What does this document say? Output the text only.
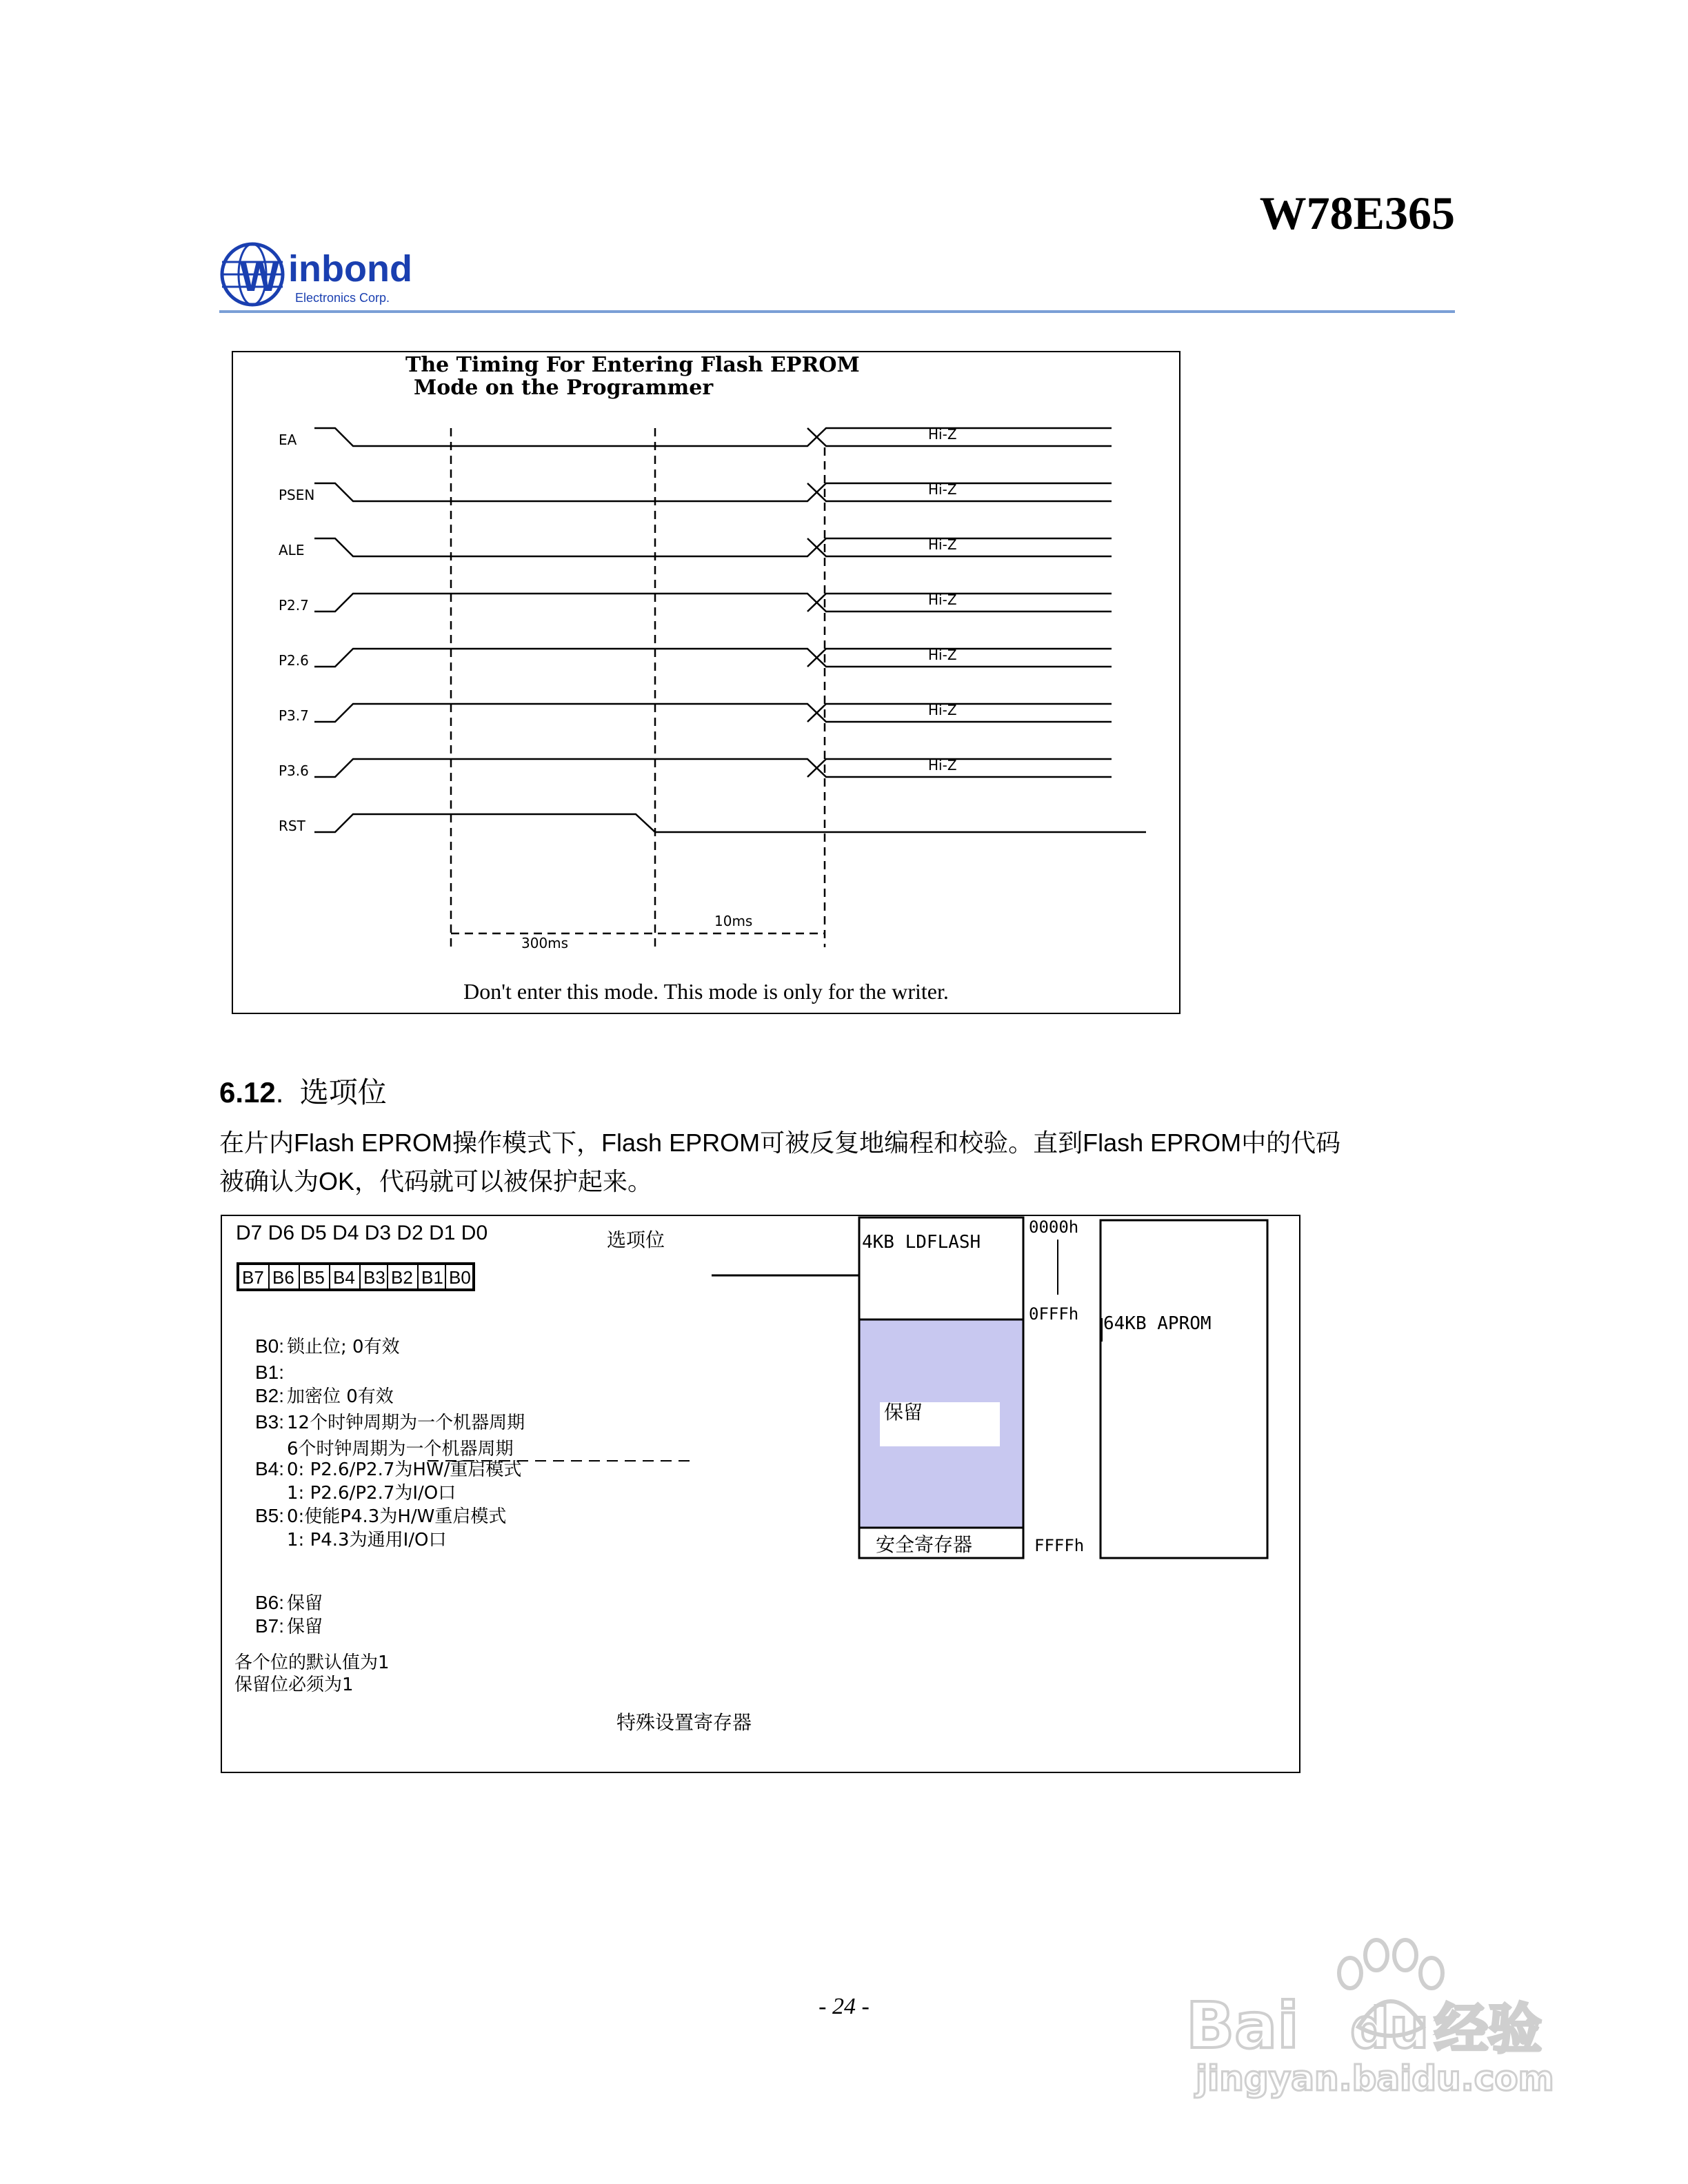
W78E365
W inbond
Electronics Corp.
The Timing For Entering Flash EPROM
Mode on the Programmer
EA	Hi-Z
PSEN	Hi-Z
ALE	Hi-Z
P2.7	Hi-Z
P2.6	Hi-Z
P3.7	Hi-Z
P3.6	Hi-Z
RST
300ms
10ms
Don't enter this mode. This mode is only for the writer.
6.12.  选项位
在片内Flash EPROM操作模式下，Flash EPROM可被反复地编程和校验。直到Flash EPROM中的代码
被确认为OK，代码就可以被保护起来。
D7 D6 D5 D4 D3 D2 D1 D0	选项位
B7 B6 B5 B4 B3 B2 B1 B0
B0: 锁止位; 0有效
B1:
B2: 加密位 0有效
B3: 12个时钟周期为一个机器周期
6个时钟周期为一个机器周期
B4: 0: P2.6/P2.7为HW/重启模式
1: P2.6/P2.7为I/O口
B5: 0:使能P4.3为H/W重启模式
1: P4.3为通用I/O口
B6: 保留
B7: 保留
各个位的默认值为1
保留位必须为1
特殊设置寄存器
4KB LDFLASH
保留
安全寄存器
0000h
0FFFh
FFFFh
64KB APROM
- 24 -	Bai du 经验
jingyan.baidu.com
